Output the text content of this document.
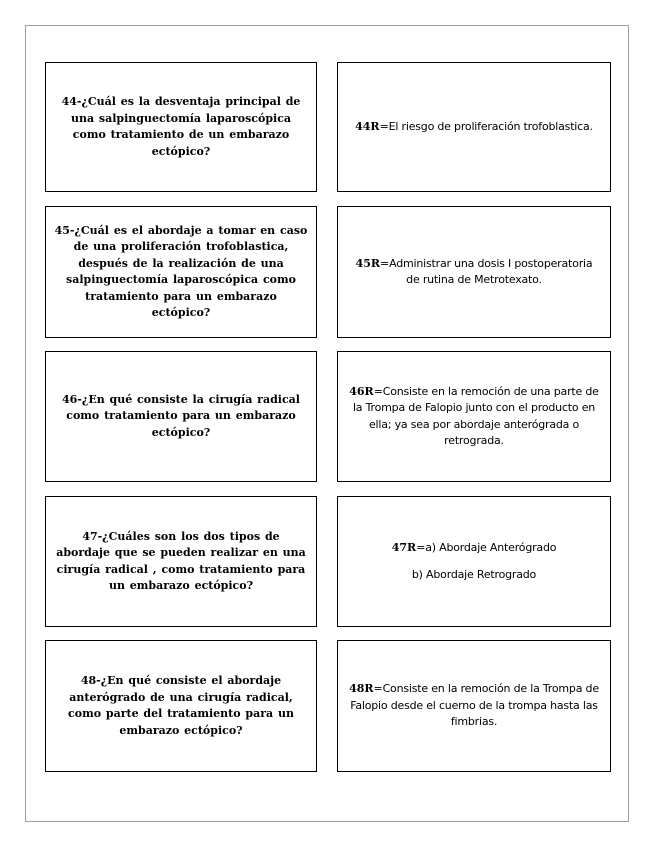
44-¿Cuál es la desventaja principal de una salpinguectomía laparoscópica como tratamiento de un embarazo ectópico?
44R=El riesgo de proliferación trofoblastica.
45-¿Cuál es el abordaje a tomar en caso de una proliferación trofoblastica, después de la realización de una salpinguectomía laparoscópica como tratamiento para un embarazo ectópico?
45R=Administrar una dosis I postoperatoria de rutina de Metrotexato.
46-¿En qué consiste la cirugía radical como tratamiento para un embarazo ectópico?
46R=Consiste en la remoción de una parte de la Trompa de Falopio junto con el producto en ella; ya sea por abordaje anterógrada o retrograda.
47-¿Cuáles son los dos tipos de abordaje que se pueden realizar en una cirugía radical , como tratamiento para un embarazo ectópico?

47R=a) Abordaje Anterógrado

b) Abordaje Retrogrado

48-¿En qué consiste el abordaje anterógrado de una cirugía radical, como parte del tratamiento para un embarazo ectópico?
48R=Consiste en la remoción de la Trompa de Falopio desde el cuerno de la trompa hasta las fimbrias.
